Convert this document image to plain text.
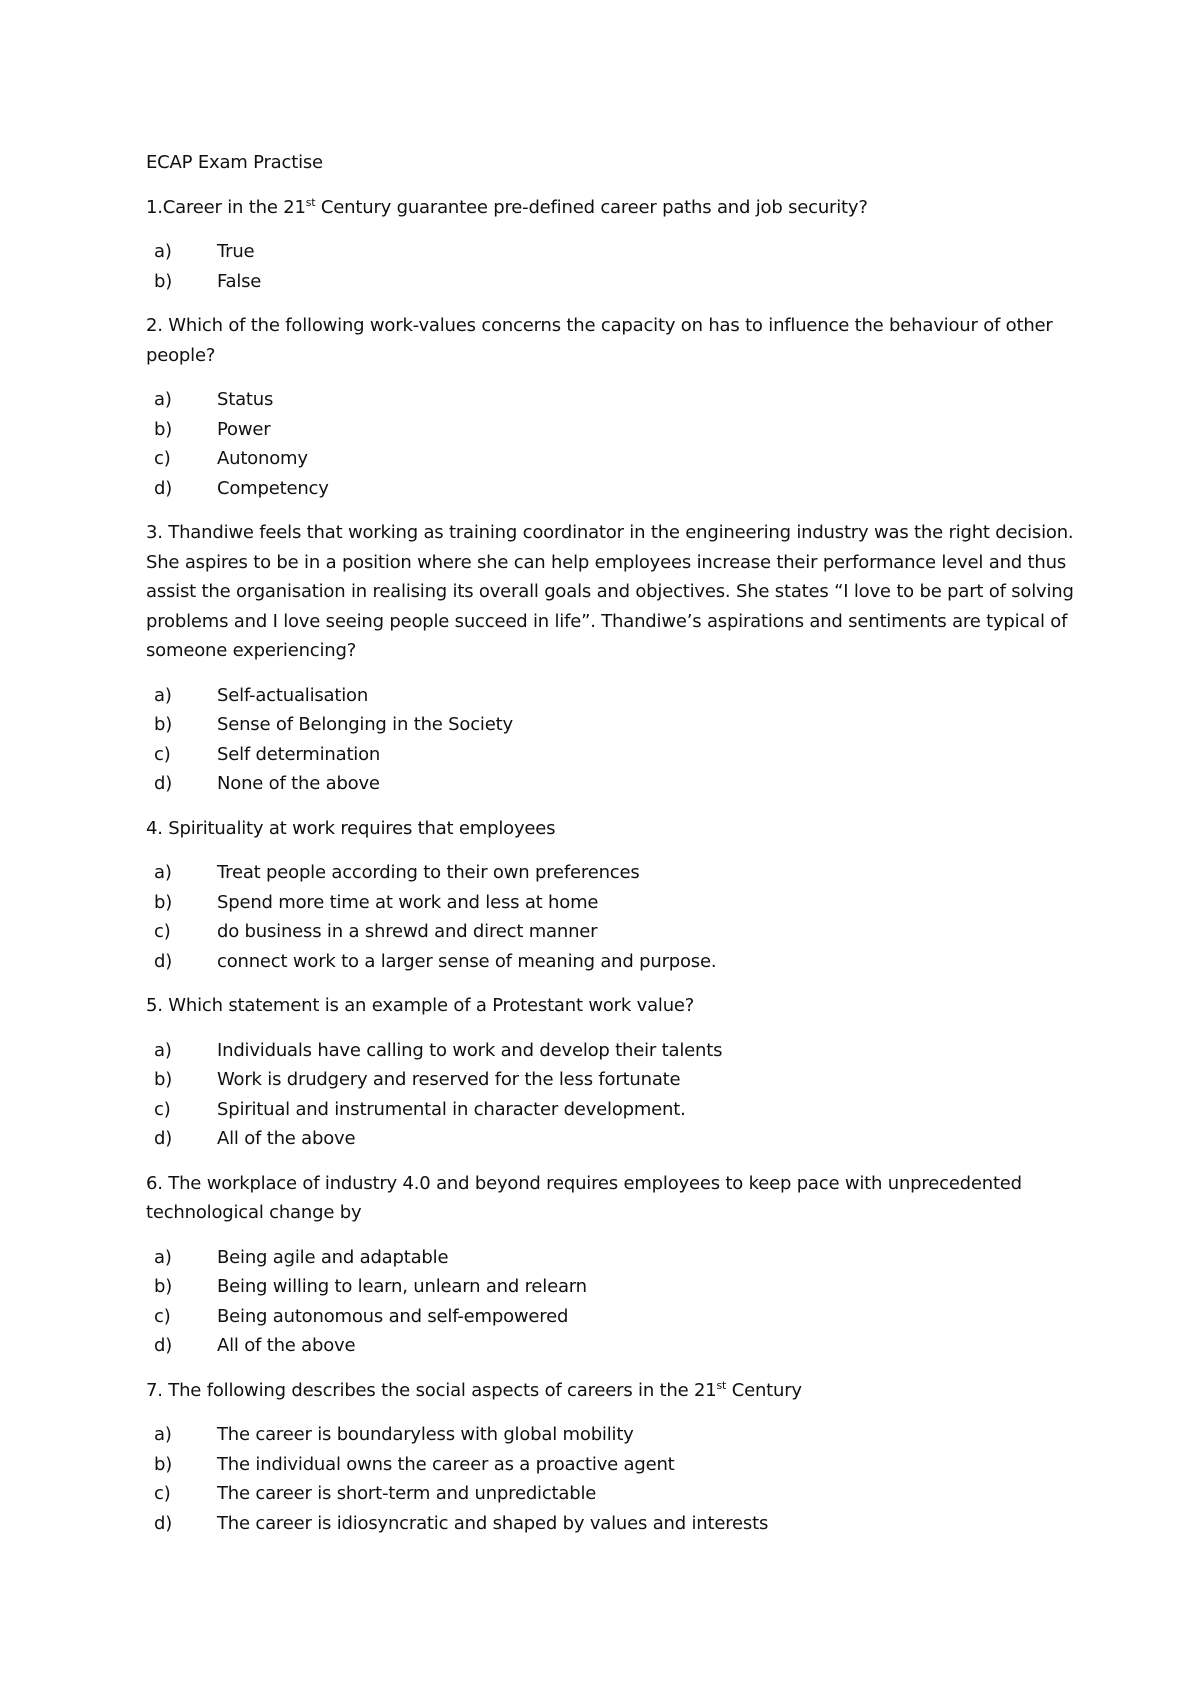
ECAP Exam Practise

1.Career in the 21st Century guarantee pre-defined career paths and job security?

a)	True
b) False

2. Which of the following work-values concerns the capacity on has to influence the behaviour of other people?

a)	Status
b) Power
c)	Autonomy
d) Competency

3. Thandiwe feels that working as training coordinator in the engineering industry was the right decision. She aspires to be in a position where she can help employees increase their performance level and thus assist the organisation in realising its overall goals and objectives. She states “I love to be part of solving problems and I love seeing people succeed in life”. Thandiwe’s aspirations and sentiments are typical of someone experiencing?

a)	Self-actualisation
b) Sense of Belonging in the Society
c)	Self determination
d) None of the above

4. Spirituality at work requires that employees

a)	Treat people according to their own preferences
b) Spend more time at work and less at home
c)	do business in a shrewd and direct manner
d) connect work to a larger sense of meaning and purpose.

5. Which statement is an example of a Protestant work value?

a)	Individuals have calling to work and develop their talents
b) Work is drudgery and reserved for the less fortunate
c)	Spiritual and instrumental in character development.
d) All of the above

6. The workplace of industry 4.0 and beyond requires employees to keep pace with unprecedented technological change by

a)	Being agile and adaptable
b) Being willing to learn, unlearn and relearn
c)	Being autonomous and self-empowered
d) All of the above

7. The following describes the social aspects of careers in the 21st Century

a)	The career is boundaryless with global mobility
b) The individual owns the career as a proactive agent
c)	The career is short-term and unpredictable
d) The career is idiosyncratic and shaped by values and interests
